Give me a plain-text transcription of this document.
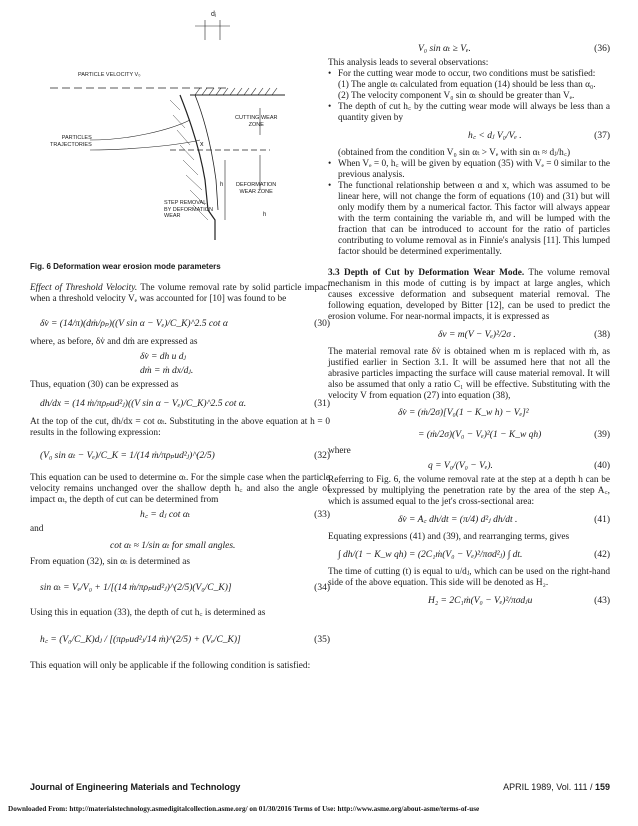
PARTICLE VELOCITY V₀
CUTTING WEAR
ZONE
PARTICLES
TRAJECTORIES	x
h
h
STEP REMOVAL
BY DEFORMATION
WEAR
DEFORMATION
WEAR ZONE
dⱼ
Fig. 6 Deformation wear erosion mode parameters

Effect of Threshold Velocity. The volume removal rate by solid particle impact when a threshold velocity Vₑ was accounted for [10] was found to be

δv̇ = (14/π)(dṁ/ρₚ)((V sin α − Vₑ)/C_K)^2.5 cot α	(30)

where, as before, δv̇ and dṁ are expressed as

δv̇ = dh u dⱼ
dṁ = ṁ dx/dⱼ.

Thus, equation (30) can be expressed as

dh/dx = (14 ṁ/πρₚud²ⱼ)((V sin α − Vₑ)/C_K)^2.5 cot α.	(31)

At the top of the cut, dh/dx = cot αₜ. Substituting in the above equation at h = 0 results in the following expression:

(V₀ sin αₜ − Vₑ)/C_K = 1/(14 ṁ/πρₚud²ⱼ)^(2/5)	(32)

This equation can be used to determine αₜ. For the simple case when the particle velocity remains unchanged over the shallow depth h꜀ and also the angle of impact αₜ, the depth of cut can be determined from

h꜀ = dⱼ cot αₜ	(33)

and

cot αₜ ≈ 1/sin αₜ for small angles.

From equation (32), sin αₜ is determined as

sin αₜ = Vₑ/V₀ + 1/[(14 ṁ/πρₚud²ⱼ)^(2/5)(V₀/C_K)]	(34)

Using this in equation (33), the depth of cut h꜀ is determined as

h꜀ = (V₀/C_K)dⱼ / [(πρₚud²ⱼ/14 ṁ)^(2/5) + (Vₑ/C_K)]	(35)

This equation will only be applicable if the following condition is satisfied:

V₀ sin αₜ ≥ Vₑ.	(36)

This analysis leads to several observations:

• For the cutting wear mode to occur, two conditions must be satisfied:

(1) The angle αₜ calculated from equation (14) should be less than α₀.

(2) The velocity component V₀ sin αₜ should be greater than Vₑ.

• The depth of cut h꜀ by the cutting wear mode will always be less than a quantity given by

h꜀ < dⱼ V₀/Vₑ .	(37)

(obtained from the condition V₀ sin αₜ > Vₑ with sin αₜ ≈ dⱼ/h꜀)

• When Vₑ = 0, h꜀ will be given by equation (35) with Vₑ = 0 similar to the previous analysis.

• The functional relationship between α and x, which was assumed to be linear here, will not change the form of equations (10) and (31) but will only modify them by a numerical factor. This factor will always appear with the term containing the variable ṁ, and will be lumped with the fraction that can be introduced to account for the ratio of particles contributing to volume removal as in Finnie's analysis [11]. This lumped factor should be determined experimentally.

3.3 Depth of Cut by Deformation Wear Mode. The volume removal mechanism in this mode of cutting is by impact at large angles, which causes excessive deformation and subsequent material removal. The following equation, developed by Bitter [12], can be used to predict the erosion volume. For near-normal impacts, it is expressed as

δv = m(V − Vₑ)²/2σ .	(38)

The material removal rate δv̇ is obtained when m is replaced with ṁ, as justified earlier in Section 3.1. It will be assumed here that not all the abrasive particles impacting the surface will cause material removal. It will also be assumed that only a ratio C₁ will be effective. Substituting with the velocity V from equation (27) into equation (38),

δv̇ = (ṁ/2σ)[V₀(1 − K_w h) − Vₑ]²
= (ṁ/2σ)(V₀ − Vₑ)²(1 − K_w qh)	(39)

where

q = V₀/(V₀ − Vₑ).	(40)

Referring to Fig. 6, the volume removal rate at the step at a depth h can be expressed by multiplying the penetration rate by the area of the step A꜀, which is assumed equal to the jet's cross-sectional area:

δv̇ = A꜀ dh/dt = (π/4) d²ⱼ dh/dt .	(41)

Equating expressions (41) and (39), and rearranging terms, gives

∫ dh/(1 − K_w qh) = (2C₁ṁ(V₀ − Vₑ)²/πσd²ⱼ) ∫ dt.	(42)

The time of cutting (t) is equal to u/dⱼ, which can be used on the right-hand side of the above equation. This side will be denoted as H₂.

H₂ = 2C₁ṁ(V₀ − Vₑ)²/πσdⱼu	(43)
Journal of Engineering Materials and Technology	APRIL 1989, Vol. 111 / 159
Downloaded From: http://materialstechnology.asmedigitalcollection.asme.org/ on 01/30/2016 Terms of Use: http://www.asme.org/about-asme/terms-of-use
